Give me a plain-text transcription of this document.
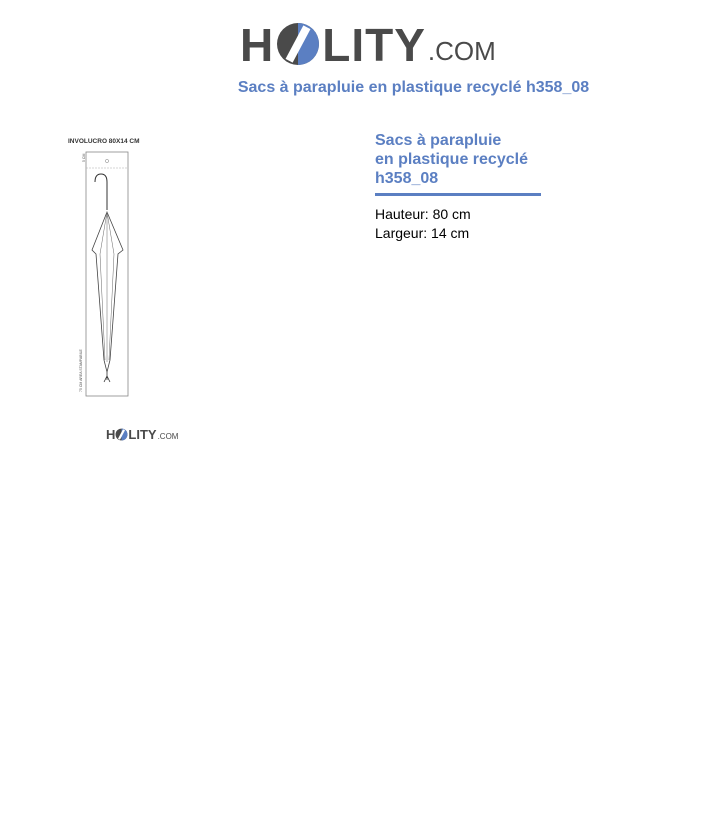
H LITY .COM
Sacs à parapluie en plastique recyclé h358_08
INVOLUCRO 80X14 CM
5 CM
75 CM AREA STAMPABILE
H LITY .COM
Sacs à parapluie
en plastique recyclé
h358_08
Hauteur: 80 cm
Largeur: 14 cm
